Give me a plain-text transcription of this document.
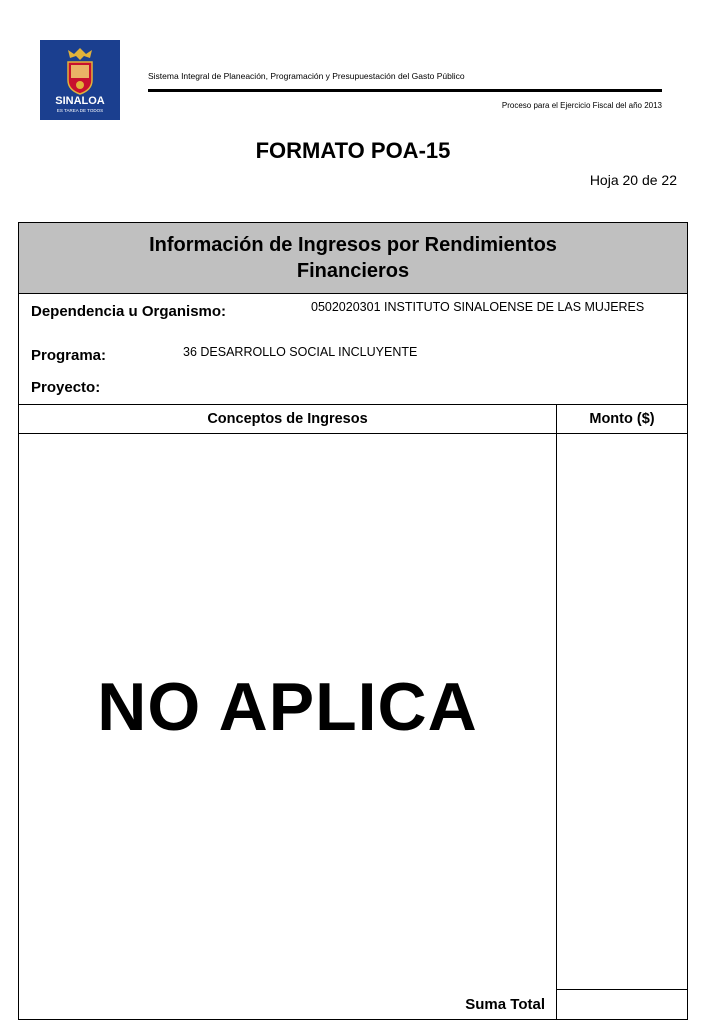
SINALOA
ES TAREA DE TODOS
Sistema Integral de Planeación, Programación y Presupuestación del Gasto Público
Proceso para el Ejercicio Fiscal del año 2013
FORMATO POA-15
Hoja 20 de 22
Información de Ingresos por Rendimientos Financieros
Dependencia u Organismo:	0502020301 INSTITUTO SINALOENSE DE LAS MUJERES
Programa:	36 DESARROLLO SOCIAL INCLUYENTE
Proyecto:
Conceptos de Ingresos	Monto ($)
NO APLICA
Suma Total
